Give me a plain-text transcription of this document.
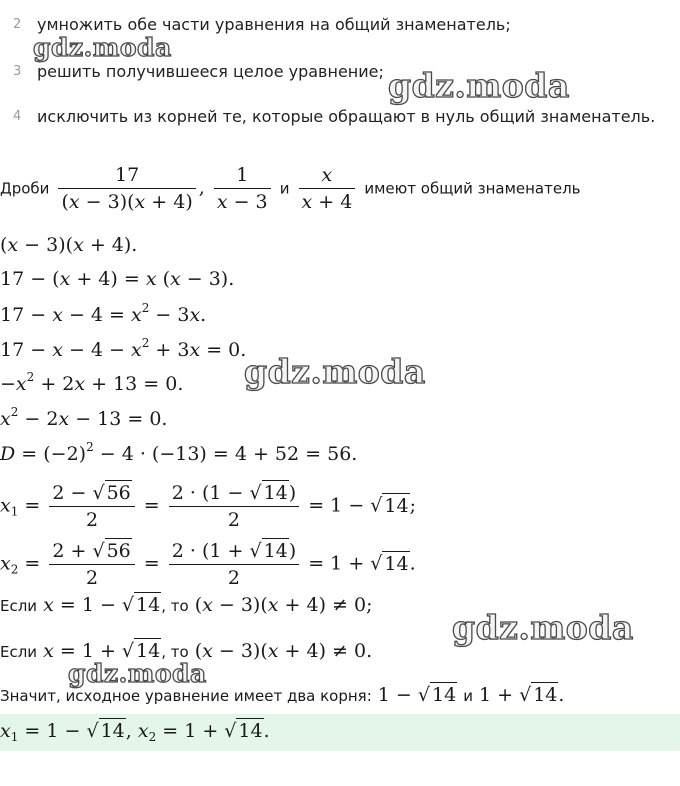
2 умножить обе части уравнения на общий знаменатель;
3 решить получившееся целое уравнение;
4 исключить из корней те, которые обращают в нуль общий знаменатель.
gdz.moda
gdz.moda
gdz.moda
gdz.moda
gdz.moda
Дроби $\frac{17}{(x - 3)(x + 4)}$ , $\frac{1}{x - 3}$ и $\frac{x}{x + 4}$ имеют общий знаменатель
(x − 3)(x + 4).
17 − (x + 4) = x (x − 3).
$17 - x - 4 = x^2 - 3x$.
$17 - x - 4 - x^2 + 3x = 0$.
$-x^2 + 2x + 13 = 0$.
$x^2 - 2x - 13 = 0$.
$D = (-2)^2 - 4 \cdot (-13) = 4 + 52 = 56$.
$x_1 = \frac{2 - √ 56}{2} = \frac{2 \cdot (1 - √ 14)}{2} = 1$ − √ 14;
$x_2 = \frac{2 + √ 56}{2} = \frac{2 \cdot (1 + √ 14)}{2} = 1$ + √ 14.
Если x = 1 − √ 14, то (x − 3)(x + 4) ≠ 0;
Если x = 1 + √ 14, то (x − 3)(x + 4) ≠ 0.
Значит, исходное уравнение имеет два корня: 1 − √ 14 и 1 + √ 14.
$x_1 = 1$ − √ 14, $x_2 = 1$ + √ 14.
